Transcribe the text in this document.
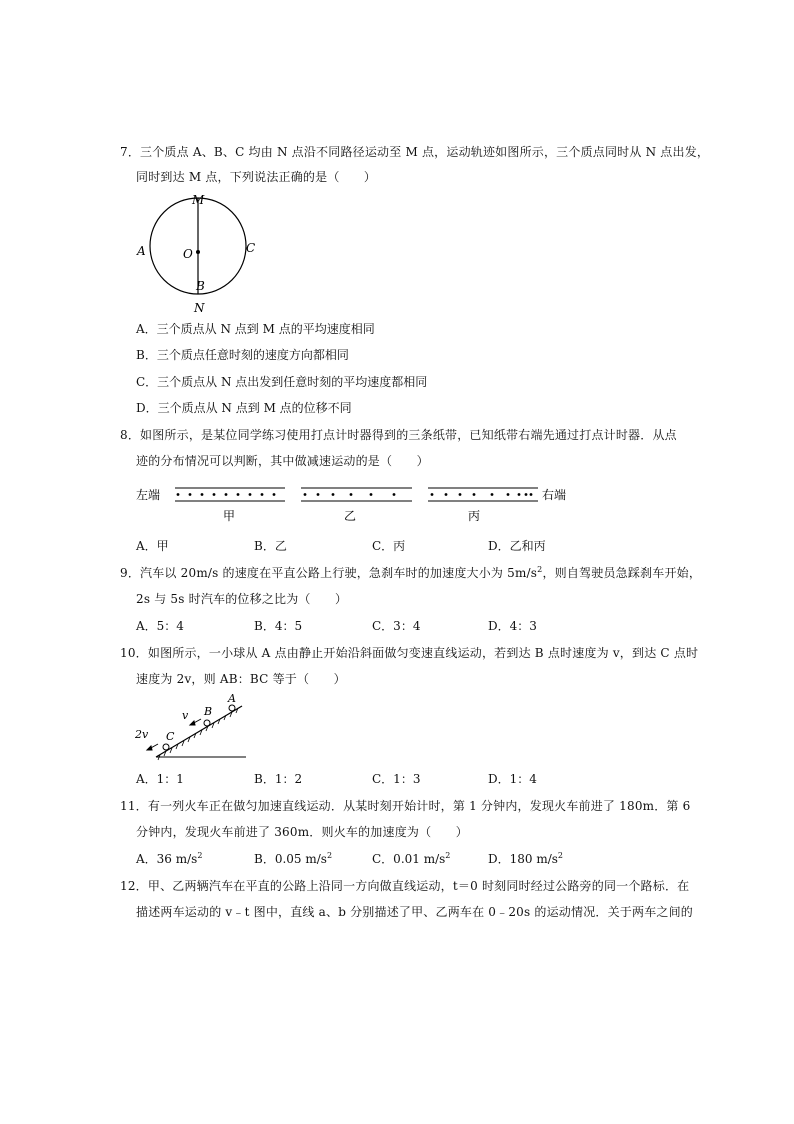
7．三个质点 A、B、C 均由 N 点沿不同路径运动至 M 点，运动轨迹如图所示，三个质点同时从 N 点出发，
同时到达 M 点，下列说法正确的是（　　）
M
O
A	C
B
N
A．三个质点从 N 点到 M 点的平均速度相同
B．三个质点任意时刻的速度方向都相同
C．三个质点从 N 点出发到任意时刻的平均速度都相同
D．三个质点从 N 点到 M 点的位移不同
8．如图所示，是某位同学练习使用打点计时器得到的三条纸带，已知纸带右端先通过打点计时器．从点
迹的分布情况可以判断，其中做减速运动的是（　　）
左端
甲	乙	丙
右端
A．甲	B．乙	C．丙	D．乙和丙
9．汽车以 20m/s 的速度在平直公路上行驶，急刹车时的加速度大小为 $5m/s^2$，则自驾驶员急踩刹车开始，
2s 与 5s 时汽车的位移之比为（　　）
A．5：4	B．4：5	C．3：4	D．4：3
10．如图所示，一小球从 A 点由静止开始沿斜面做匀变速直线运动，若到达 B 点时速度为 v，到达 C 点时
速度为 2v，则 AB：BC 等于（　　）
A
B
C
v
2v
A．1：1	B．1：2	C．1：3	D．1：4
11．有一列火车正在做匀加速直线运动．从某时刻开始计时，第 1 分钟内，发现火车前进了 180m．第 6
分钟内，发现火车前进了 360m．则火车的加速度为（　　）
A．36 $m/s^2$	B．0.05 $m/s^2$	C．0.01 $m/s^2$	D．180 $m/s^2$
12．甲、乙两辆汽车在平直的公路上沿同一方向做直线运动，t＝0 时刻同时经过公路旁的同一个路标．在
描述两车运动的 v﹣t 图中，直线 a、b 分别描述了甲、乙两车在 0﹣20s 的运动情况．关于两车之间的
